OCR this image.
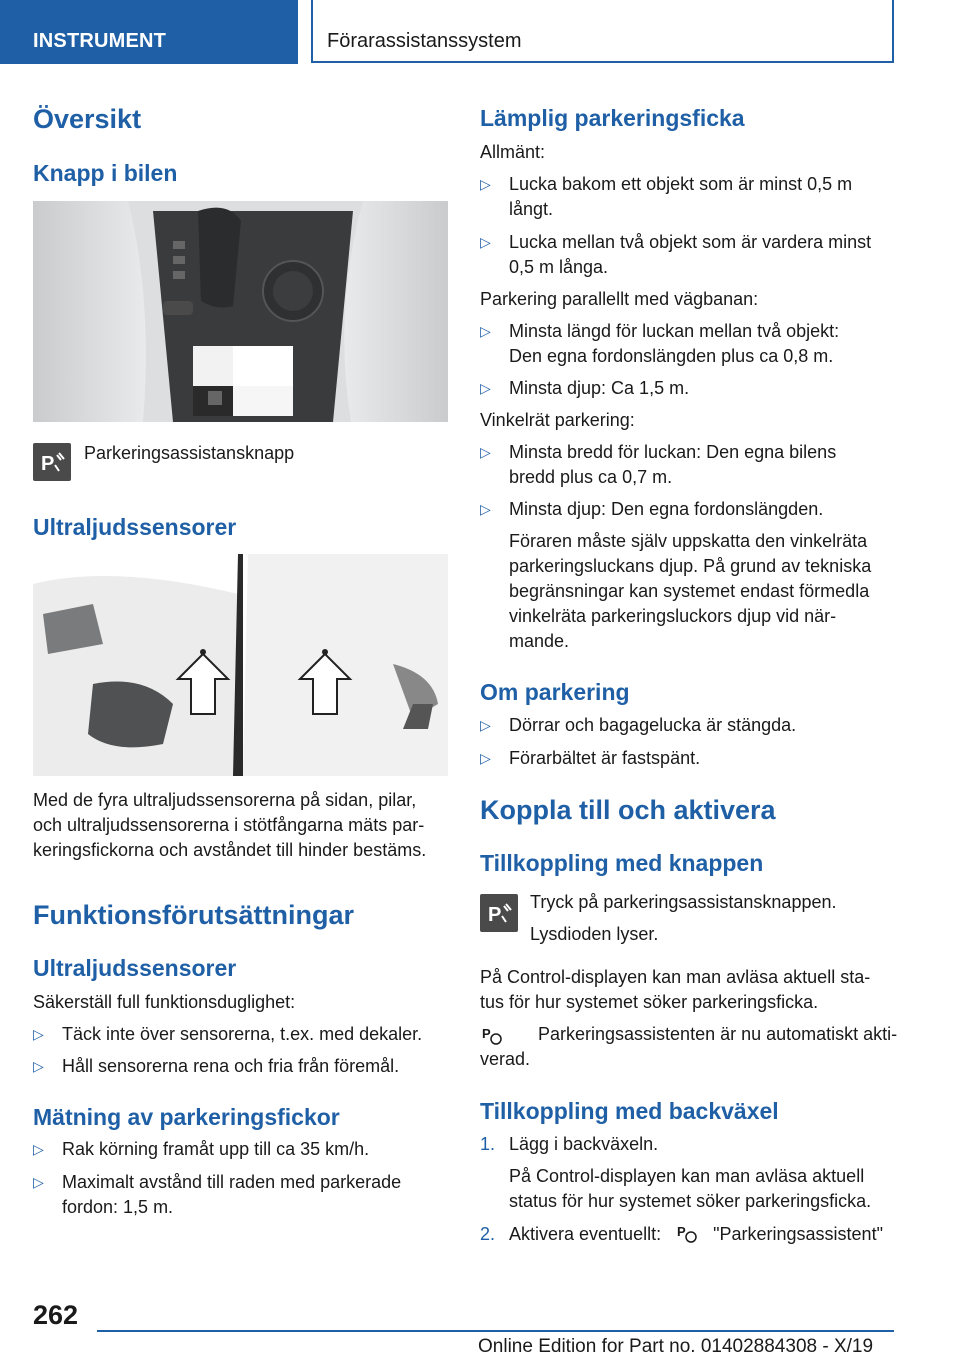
INSTRUMENT	Förarassistanssystem
Översikt
Knapp i bilen
P Parkeringsassistansknapp
Ultraljudssensorer
Med de fyra ultraljudssensorerna på sidan, pilar,
och ultraljudssensorerna i stötfångarna mäts par-
keringsfickorna och avståndet till hinder bestäms.
Funktionsförutsättningar
Ultraljudssensorer
Säkerställ full funktionsduglighet:
▷ Täck inte över sensorerna, t.ex. med dekaler.
▷ Håll sensorerna rena och fria från föremål.
Mätning av parkeringsfickor
▷ Rak körning framåt upp till ca 35 km/h.
▷ Maximalt avstånd till raden med parkerade
fordon: 1,5 m.
Lämplig parkeringsficka
Allmänt:
▷ Lucka bakom ett objekt som är minst 0,5 m
långt.
▷ Lucka mellan två objekt som är vardera minst
0,5 m långa.
Parkering parallellt med vägbanan:
▷ Minsta längd för luckan mellan två objekt:
Den egna fordonslängden plus ca 0,8 m.
▷ Minsta djup: Ca 1,5 m.
Vinkelrät parkering:
▷ Minsta bredd för luckan: Den egna bilens
bredd plus ca 0,7 m.
▷ Minsta djup: Den egna fordonslängden.
Föraren måste själv uppskatta den vinkelräta
parkeringsluckans djup. På grund av tekniska
begränsningar kan systemet endast förmedla
vinkelräta parkeringsluckors djup vid när-
mande.
Om parkering
▷ Dörrar och bagagelucka är stängda.
▷ Förarbältet är fastspänt.
Koppla till och aktivera
Tillkoppling med knappen
P
Tryck på parkeringsassistansknappen.
Lysdioden lyser.
På Control-displayen kan man avläsa aktuell sta-
tus för hur systemet söker parkeringsficka.
P	Parkeringsassistenten är nu automatiskt akti-
verad.
Tillkoppling med backväxel
1. Lägg i backväxeln.
På Control-displayen kan man avläsa aktuell
status för hur systemet söker parkeringsficka.
2. Aktivera eventuellt: P "Parkeringsassistent"
262
Online Edition for Part no. 01402884308 - X/19
